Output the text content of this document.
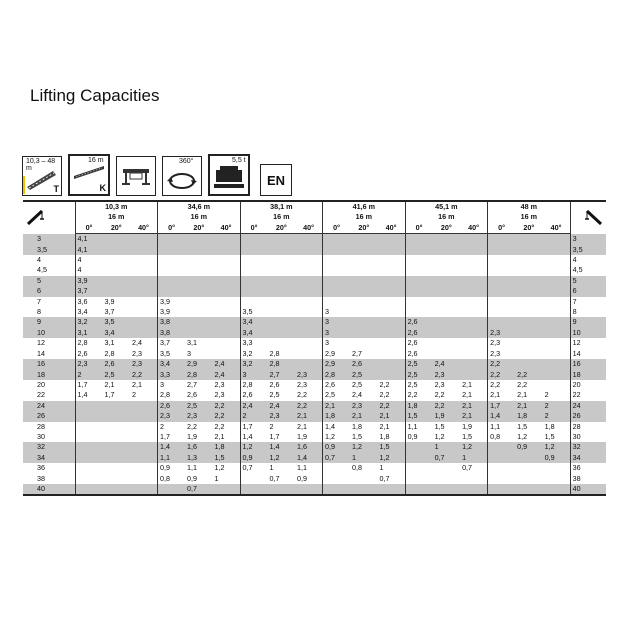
Lifting Capacities
10,3 – 48 m
T
16 m
K
360°	5,5 t
EN
	10,3 m			34,6 m			38,1 m			41,6 m			45,1 m			48 m	
	16 m			16 m			16 m			16 m			16 m			16 m			
	0°	20°	40°	0°	20°	40°	0°	20°	40°	0°	20°	40°	0°	20°	40°	0°	20°	40°	
3	4,1																		3
3,5	4,1																		3,5
4	4																		4
4,5	4																		4,5
5	3,9																		5
6	3,7																		6
7	3,6	3,9		3,9															7
8	3,4	3,7		3,9			3,5			3									8
9	3,2	3,5		3,8			3,4			3			2,6						9
10	3,1	3,4		3,8			3,4			3			2,6			2,3			10
12	2,8	3,1	2,4	3,7	3,1		3,3			3			2,6			2,3			12
14	2,6	2,8	2,3	3,5	3		3,2	2,8		2,9	2,7		2,6			2,3			14
16	2,3	2,6	2,3	3,4	2,9	2,4	3,2	2,8		2,9	2,6		2,5	2,4		2,2			16
18	2	2,5	2,2	3,3	2,8	2,4	3	2,7	2,3	2,8	2,5		2,5	2,3		2,2	2,2		18
20	1,7	2,1	2,1	3	2,7	2,3	2,8	2,6	2,3	2,6	2,5	2,2	2,5	2,3	2,1	2,2	2,2		20
22	1,4	1,7	2	2,8	2,6	2,3	2,6	2,5	2,2	2,5	2,4	2,2	2,2	2,2	2,1	2,1	2,1	2	22
24				2,6	2,5	2,2	2,4	2,4	2,2	2,1	2,3	2,2	1,8	2,2	2,1	1,7	2,1	2	24
26				2,3	2,3	2,2	2	2,3	2,1	1,8	2,1	2,1	1,5	1,9	2,1	1,4	1,8	2	26
28				2	2,2	2,2	1,7	2	2,1	1,4	1,8	2,1	1,1	1,5	1,9	1,1	1,5	1,8	28
30				1,7	1,9	2,1	1,4	1,7	1,9	1,2	1,5	1,8	0,9	1,2	1,5	0,8	1,2	1,5	30
32				1,4	1,6	1,8	1,2	1,4	1,6	0,9	1,2	1,5		1	1,2		0,9	1,2	32
34				1,1	1,3	1,5	0,9	1,2	1,4	0,7	1	1,2		0,7	1			0,9	34
36				0,9	1,1	1,2	0,7	1	1,1		0,8	1			0,7				36
38				0,8	0,9	1		0,7	0,9			0,7							38
40					0,7														40
